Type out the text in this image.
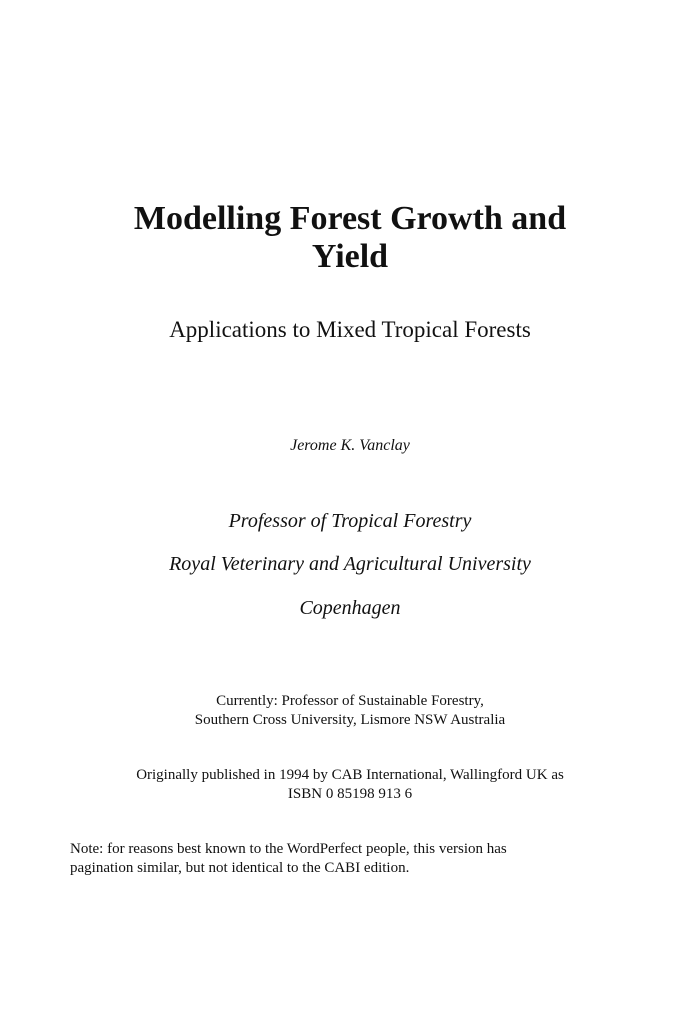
Modelling Forest Growth and
Yield
Applications to Mixed Tropical Forests
Jerome K. Vanclay
Professor of Tropical Forestry
Royal Veterinary and Agricultural University
Copenhagen
Currently: Professor of Sustainable Forestry,
Southern Cross University, Lismore NSW Australia
Originally published in 1994 by CAB International, Wallingford UK as
ISBN 0 85198 913 6
Note: for reasons best known to the WordPerfect people, this version has
pagination similar, but not identical to the CABI edition.
